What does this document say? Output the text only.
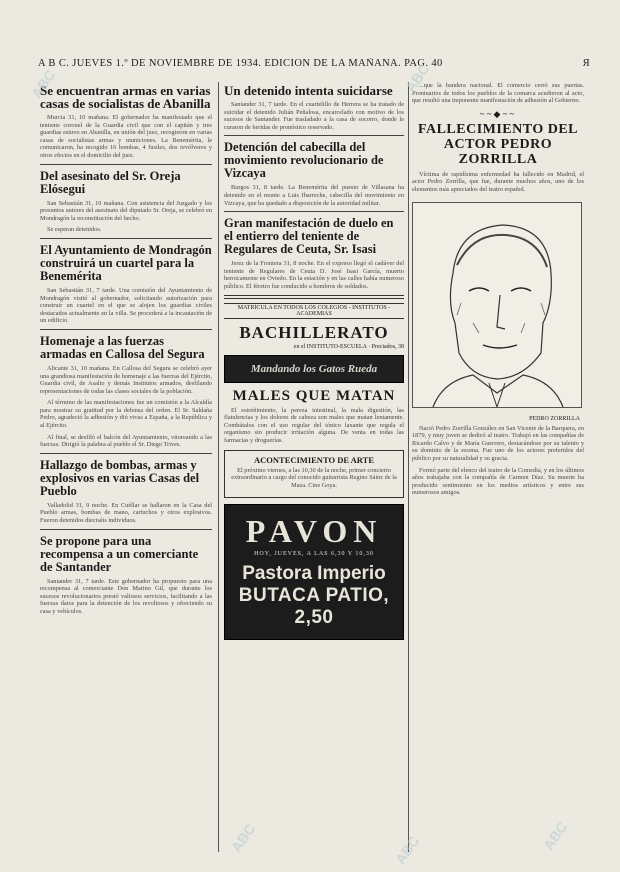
A B C. JUEVES 1.º DE NOVIEMBRE DE 1934. EDICION DE LA MAÑANA. PAG. 40	Я
Se encuentran armas en varias casas de socialistas de Abanilla

Murcia 31, 10 mañana. El gobernador ha manifestado que el teniente coronel de la Guardia civil que con el capitán y tres guardias estuvo en Abanilla, en unión del juez, recogieron en varias casas de socialistas armas y municiones. La Benemérita, le comunicaron, ha recogido 16 bombas, 4 fusiles, dos revólveres y otros efectos en el domicilio del juez.

Del asesinato del Sr. Oreja Elósegui

San Sebastián 31, 10 mañana. Con asistencia del Juzgado y los presuntos autores del asesinato del diputado Sr. Oreja, se celebró en Mondragón la reconstitución del hecho.

Se esperan detenidos.

El Ayuntamiento de Mondragón construirá un cuartel para la Benemérita

San Sebastián 31, 7 tarde. Una comisión del Ayuntamiento de Mondragón visitó al gobernador, solicitando autorización para construir un cuartel en el que se alojen los guardias civiles destacados actualmente en la villa. Se procederá a la incautación de un edificio.

Homenaje a las fuerzas armadas en Callosa del Segura

Alicante 31, 10 mañana. En Callosa del Segura se celebró ayer una grandiosa manifestación de homenaje a las fuerzas del Ejército, Guardia civil, de Asalto y demás Institutos armados, desfilando representaciones de todas las clases sociales de la población.

Al término de las manifestaciones fue un comisión a la Alcaldía para mostrar su gratitud por la defensa del orden. El Sr. Saldaña Pedro, agradeció la adhesión y dió vivas a España, a la República y al Ejército.

Al final, se desfiló el balcón del Ayuntamiento, vitoreando a las fuerzas. Dirigió la palabra al pueblo el Sr. Diego Trives.

Hallazgo de bombas, armas y explosivos en varias Casas del Pueblo

Valladolid 31, 9 noche. En Cuéllar se hallaron en la Casa del Pueblo armas, bombas de mano, cartuchos y otros explosivos. Fueron detenidos dieciséis individuos.

Se propone para una recompensa a un comerciante de Santander

Santander 31, 7 tarde. Este gobernador ha propuesto para una recompensa al comerciante Don Marino Gil, que durante los sucesos revolucionarios prestó valiosos servicios, facilitando a las fuerzas datos para la detención de los revoltosos y ofreciendo su casa y vehículos.

Un detenido intenta suicidarse

Santander 31, 7 tarde. En el cuartelillo de Herrera se ha tratado de suicidar el detenido Julián Peñalosa, encarcelado con motivo de los sucesos de Santander. Fue trasladado a la casa de socorro, donde le curaron de heridas de pronóstico reservado.

Detención del cabecilla del movimiento revolucionario de Vizcaya

Burgos 31, 8 tarde. La Benemérita del puesto de Villasana ha detenido en el monte a Luis Ibarreche, cabecilla del movimiento en Vizcaya, que ha quedado a disposición de la autoridad militar.

Gran manifestación de duelo en el entierro del teniente de Regulares de Ceuta, Sr. Isasi

Jerez de la Frontera 31, 8 noche. En el expreso llegó el cadáver del teniente de Regulares de Ceuta D. José Isasi García, muerto heroicamente en Oviedo. En la estación y en las calles había numeroso público. El féretro fue conducido a hombros de soldados.

MATRÍCULA EN TODOS LOS COLEGIOS - INSTITUTOS - ACADEMIAS
BACHILLERATO
en el INSTITUTO-ESCUELA · Preciados, 38
Mandando los Gatos Rueda
MALES QUE MATAN

El estreñimiento, la pereza intestinal, la mala digestión, las flatulencias y los dolores de cabeza son males que matan lentamente. Combátalos con el uso regular del tónico laxante que regula el organismo sin producir irritación alguna. De venta en todas las farmacias y droguerías.

ACONTECIMIENTO DE ARTE

El próximo viernes, a las 10,30 de la noche, primer concierto extraordinario a cargo del conocido guitarrista Regino Sáinz de la Maza. Cine Goya.

PAVON
HOY, JUEVES, A LAS 6,30 Y 10,30
Pastora Imperio
BUTACA PATIO, 2,50

...que la bandera nacional. El comercio cerró sus puertas. Prontuarios de todos los pueblos de la comarca acudieron al acto, que resultó una imponente manifestación de adhesión al Gobierno.

~~◆~~
FALLECIMIENTO DEL ACTOR PEDRO ZORRILLA

Víctima de rapidísima enfermedad ha fallecido en Madrid, el actor Pedro Zorrilla, que fue, durante muchos años, uno de los elementos más apreciados del teatro español.

PEDRO ZORRILLA

Nació Pedro Zorrilla González en San Vicente de la Barquera, en 1879, y muy joven se dedicó al teatro. Trabajó en las compañías de Ricardo Calvo y de María Guerrero, destacándose por su talento y su dominio de la escena. Fue uno de los actores preferidos del público por su naturalidad y su gracia.

Formó parte del elenco del teatro de la Comedia, y en los últimos años trabajaba con la compañía de Carmen Díaz. Su muerte ha producido sentimiento en los medios artísticos y entre sus numerosos amigos.

ABC	ABC
ABC	ABC
ABC
